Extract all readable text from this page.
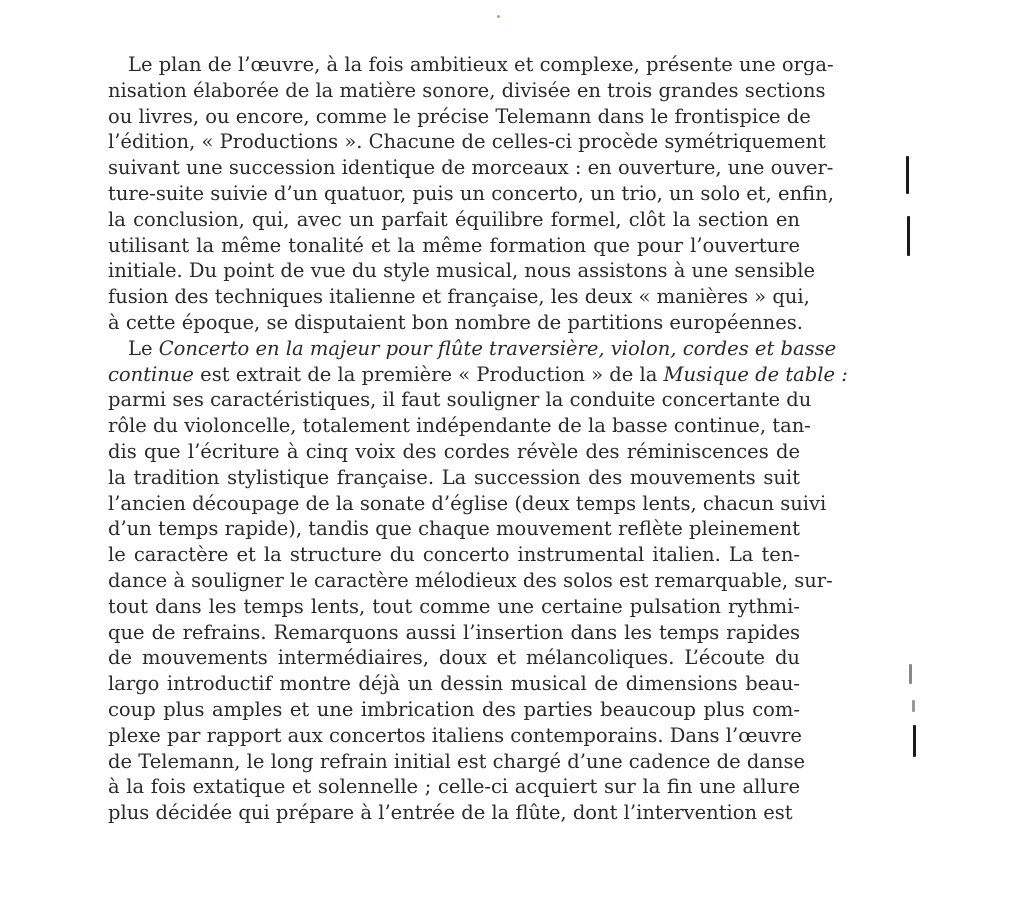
Le plan de l’œuvre, à la fois ambitieux et complexe, présente une orga-
nisation élaborée de la matière sonore, divisée en trois grandes sections
ou livres, ou encore, comme le précise Telemann dans le frontispice de
l’édition, « Productions ». Chacune de celles-ci procède symétriquement
suivant une succession identique de morceaux : en ouverture, une ouver-
ture-suite suivie d’un quatuor, puis un concerto, un trio, un solo et, enfin,
la conclusion, qui, avec un parfait équilibre formel, clôt la section en
utilisant la même tonalité et la même formation que pour l’ouverture
initiale. Du point de vue du style musical, nous assistons à une sensible
fusion des techniques italienne et française, les deux « manières » qui,
à cette époque, se disputaient bon nombre de partitions européennes.
Le Concerto en la majeur pour flûte traversière, violon, cordes et basse
continue est extrait de la première « Production » de la Musique de table :
parmi ses caractéristiques, il faut souligner la conduite concertante du
rôle du violoncelle, totalement indépendante de la basse continue, tan-
dis que l’écriture à cinq voix des cordes révèle des réminiscences de
la tradition stylistique française. La succession des mouvements suit
l’ancien découpage de la sonate d’église (deux temps lents, chacun suivi
d’un temps rapide), tandis que chaque mouvement reflète pleinement
le caractère et la structure du concerto instrumental italien. La ten-
dance à souligner le caractère mélodieux des solos est remarquable, sur-
tout dans les temps lents, tout comme une certaine pulsation rythmi-
que de refrains. Remarquons aussi l’insertion dans les temps rapides
de mouvements intermédiaires, doux et mélancoliques. L’écoute du
largo introductif montre déjà un dessin musical de dimensions beau-
coup plus amples et une imbrication des parties beaucoup plus com-
plexe par rapport aux concertos italiens contemporains. Dans l’œuvre
de Telemann, le long refrain initial est chargé d’une cadence de danse
à la fois extatique et solennelle ; celle-ci acquiert sur la fin une allure
plus décidée qui prépare à l’entrée de la flûte, dont l’intervention est
